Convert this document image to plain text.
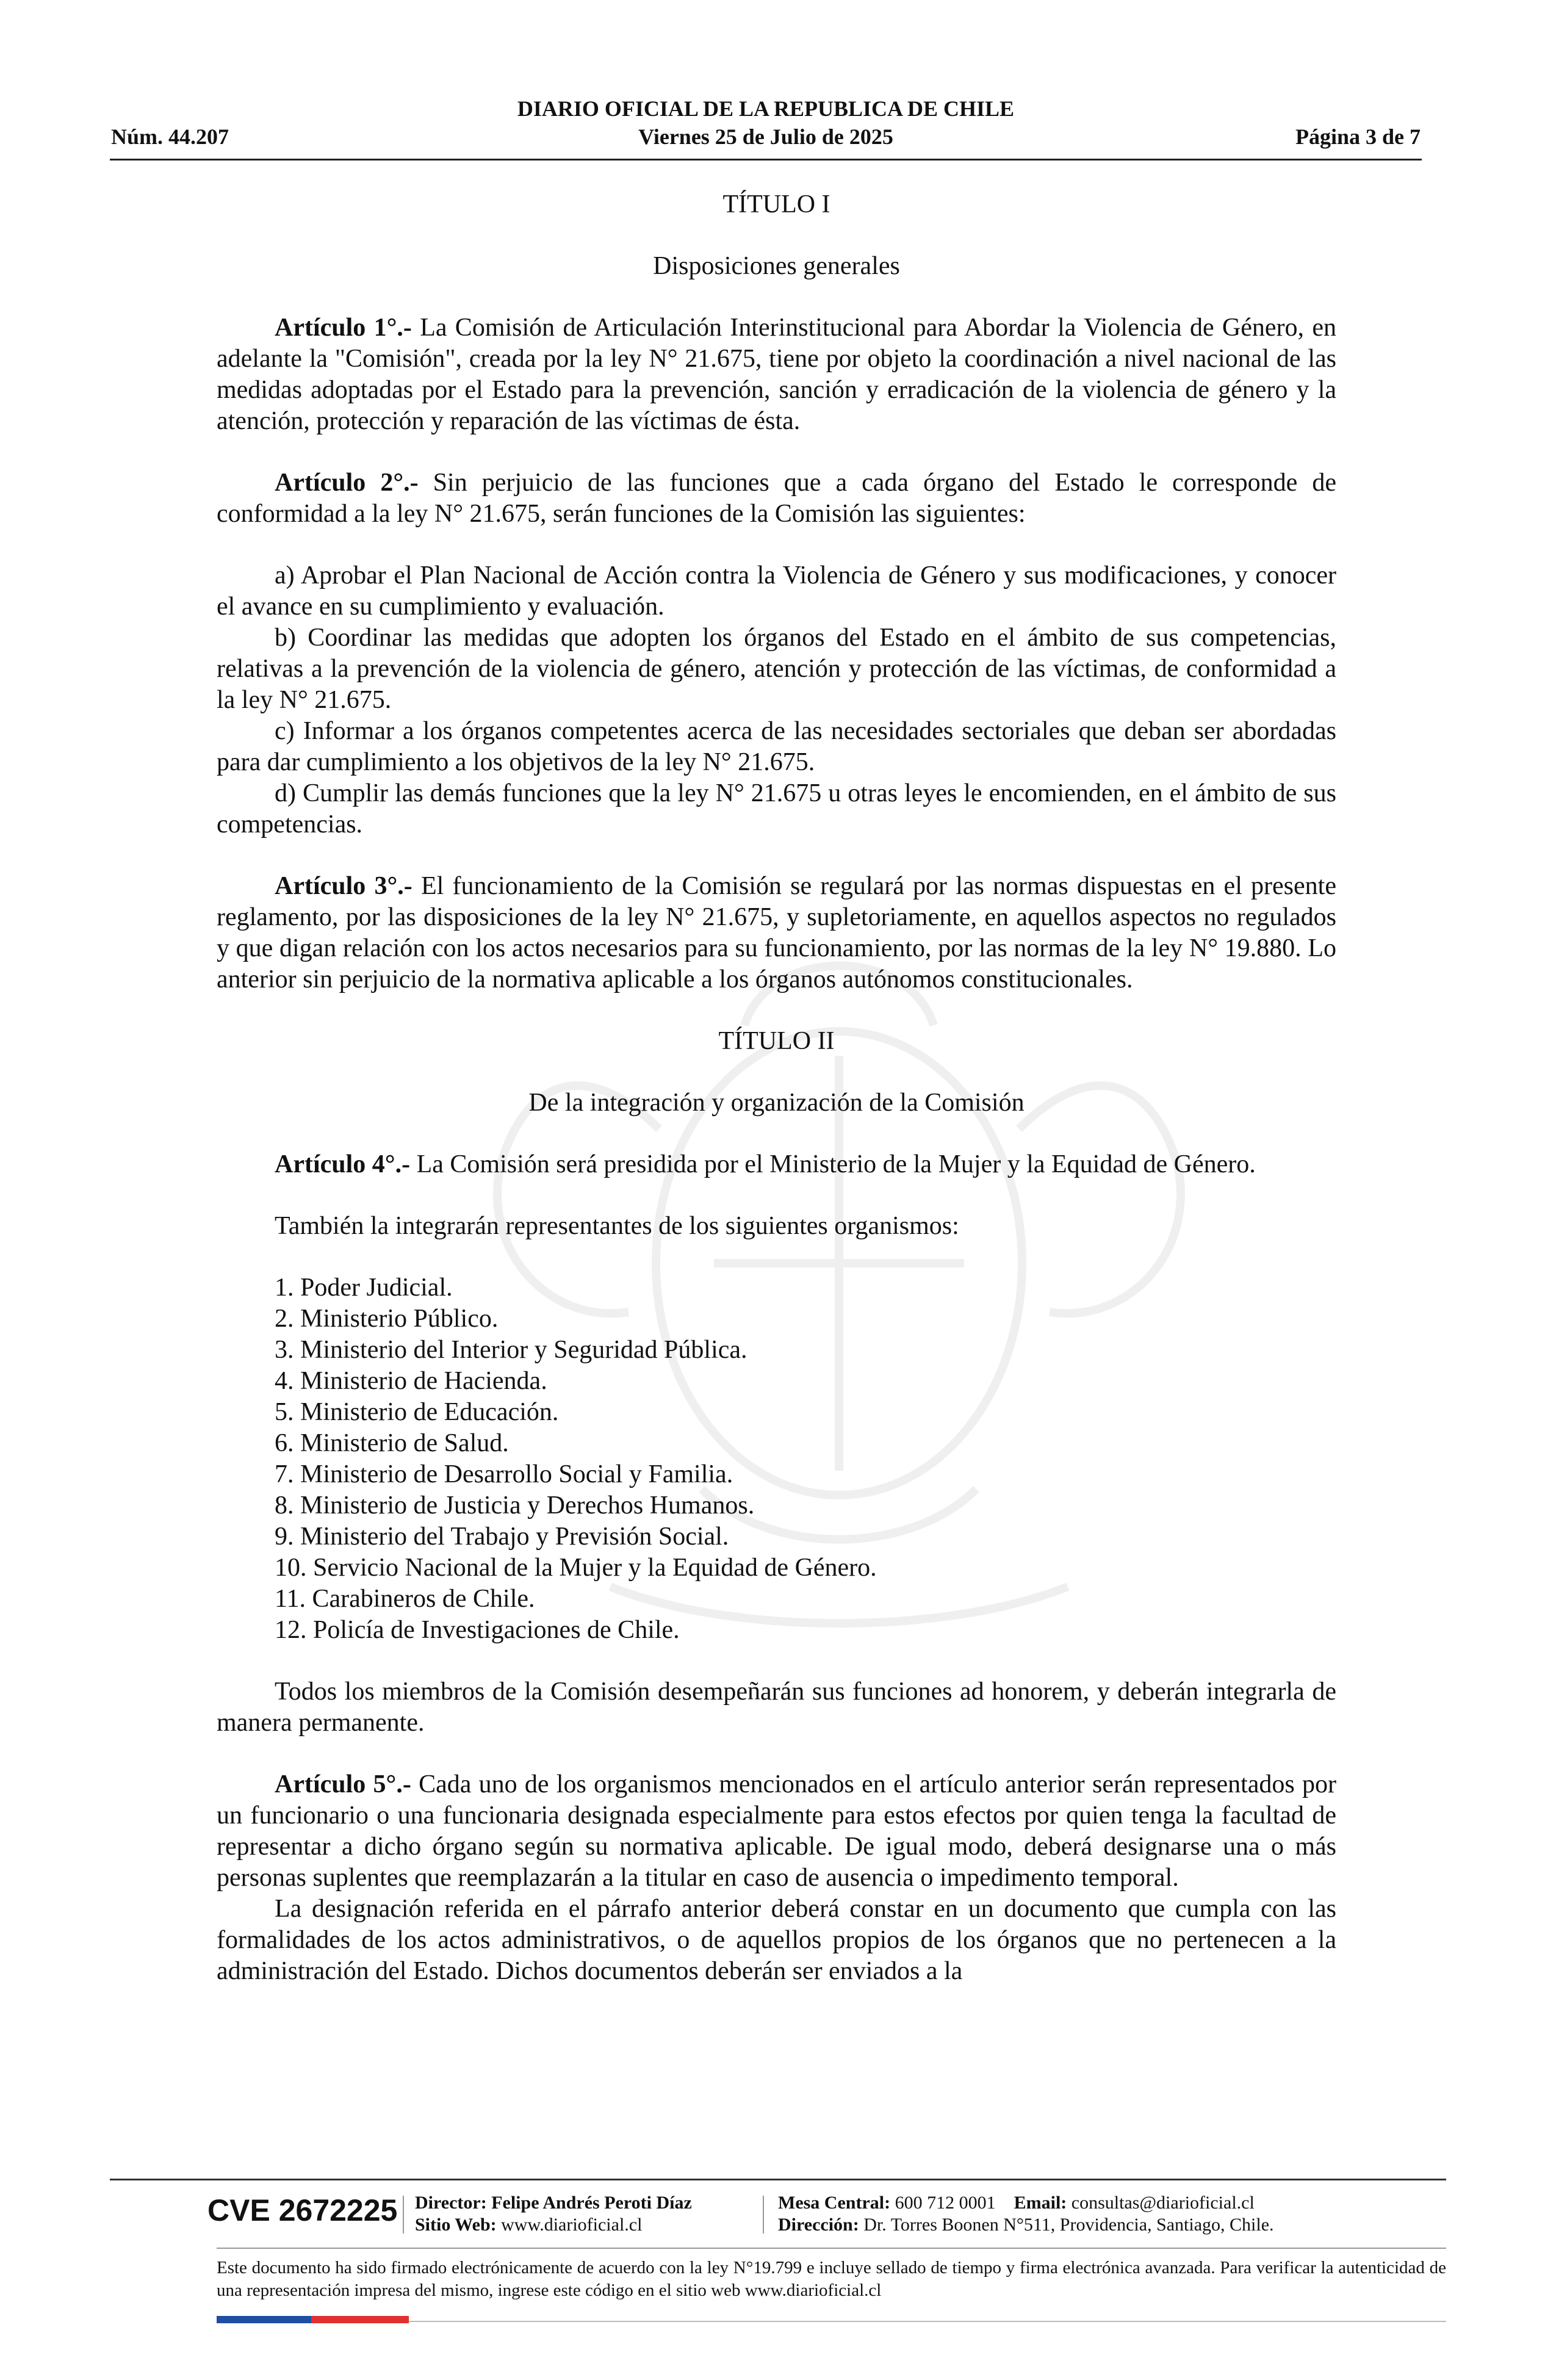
DIARIO OFICIAL DE LA REPUBLICA DE CHILE
Viernes 25 de Julio de 2025
Núm. 44.207	Página 3 de 7

TÍTULO I

Disposiciones generales

Artículo 1°.- La Comisión de Articulación Interinstitucional para Abordar la Violencia de Género, en adelante la "Comisión", creada por la ley N° 21.675, tiene por objeto la coordinación a nivel nacional de las medidas adoptadas por el Estado para la prevención, sanción y erradicación de la violencia de género y la atención, protección y reparación de las víctimas de ésta.

Artículo 2°.- Sin perjuicio de las funciones que a cada órgano del Estado le corresponde de conformidad a la ley N° 21.675, serán funciones de la Comisión las siguientes:

a) Aprobar el Plan Nacional de Acción contra la Violencia de Género y sus modificaciones, y conocer el avance en su cumplimiento y evaluación.

b) Coordinar las medidas que adopten los órganos del Estado en el ámbito de sus competencias, relativas a la prevención de la violencia de género, atención y protección de las víctimas, de conformidad a la ley N° 21.675.

c) Informar a los órganos competentes acerca de las necesidades sectoriales que deban ser abordadas para dar cumplimiento a los objetivos de la ley N° 21.675.

d) Cumplir las demás funciones que la ley N° 21.675 u otras leyes le encomienden, en el ámbito de sus competencias.

Artículo 3°.- El funcionamiento de la Comisión se regulará por las normas dispuestas en el presente reglamento, por las disposiciones de la ley N° 21.675, y supletoriamente, en aquellos aspectos no regulados y que digan relación con los actos necesarios para su funcionamiento, por las normas de la ley N° 19.880. Lo anterior sin perjuicio de la normativa aplicable a los órganos autónomos constitucionales.

TÍTULO II

De la integración y organización de la Comisión

Artículo 4°.- La Comisión será presidida por el Ministerio de la Mujer y la Equidad de Género.

También la integrarán representantes de los siguientes organismos:

1. Poder Judicial.

2. Ministerio Público.

3. Ministerio del Interior y Seguridad Pública.

4. Ministerio de Hacienda.

5. Ministerio de Educación.

6. Ministerio de Salud.

7. Ministerio de Desarrollo Social y Familia.

8. Ministerio de Justicia y Derechos Humanos.

9. Ministerio del Trabajo y Previsión Social.

10. Servicio Nacional de la Mujer y la Equidad de Género.

11. Carabineros de Chile.

12. Policía de Investigaciones de Chile.

Todos los miembros de la Comisión desempeñarán sus funciones ad honorem, y deberán integrarla de manera permanente.

Artículo 5°.- Cada uno de los organismos mencionados en el artículo anterior serán representados por un funcionario o una funcionaria designada especialmente para estos efectos por quien tenga la facultad de representar a dicho órgano según su normativa aplicable. De igual modo, deberá designarse una o más personas suplentes que reemplazarán a la titular en caso de ausencia o impedimento temporal.

La designación referida en el párrafo anterior deberá constar en un documento que cumpla con las formalidades de los actos administrativos, o de aquellos propios de los órganos que no pertenecen a la administración del Estado. Dichos documentos deberán ser enviados a la

CVE 2672225 Director: Felipe Andrés Peroti Díaz
Sitio Web: www.diarioficial.cl
Mesa Central: 600 712 0001 Email: consultas@diarioficial.cl
Dirección: Dr. Torres Boonen N°511, Providencia, Santiago, Chile.
Este documento ha sido firmado electrónicamente de acuerdo con la ley N°19.799 e incluye sellado de tiempo y firma electrónica avanzada. Para verificar la autenticidad de una representación impresa del mismo, ingrese este código en el sitio web www.diarioficial.cl
